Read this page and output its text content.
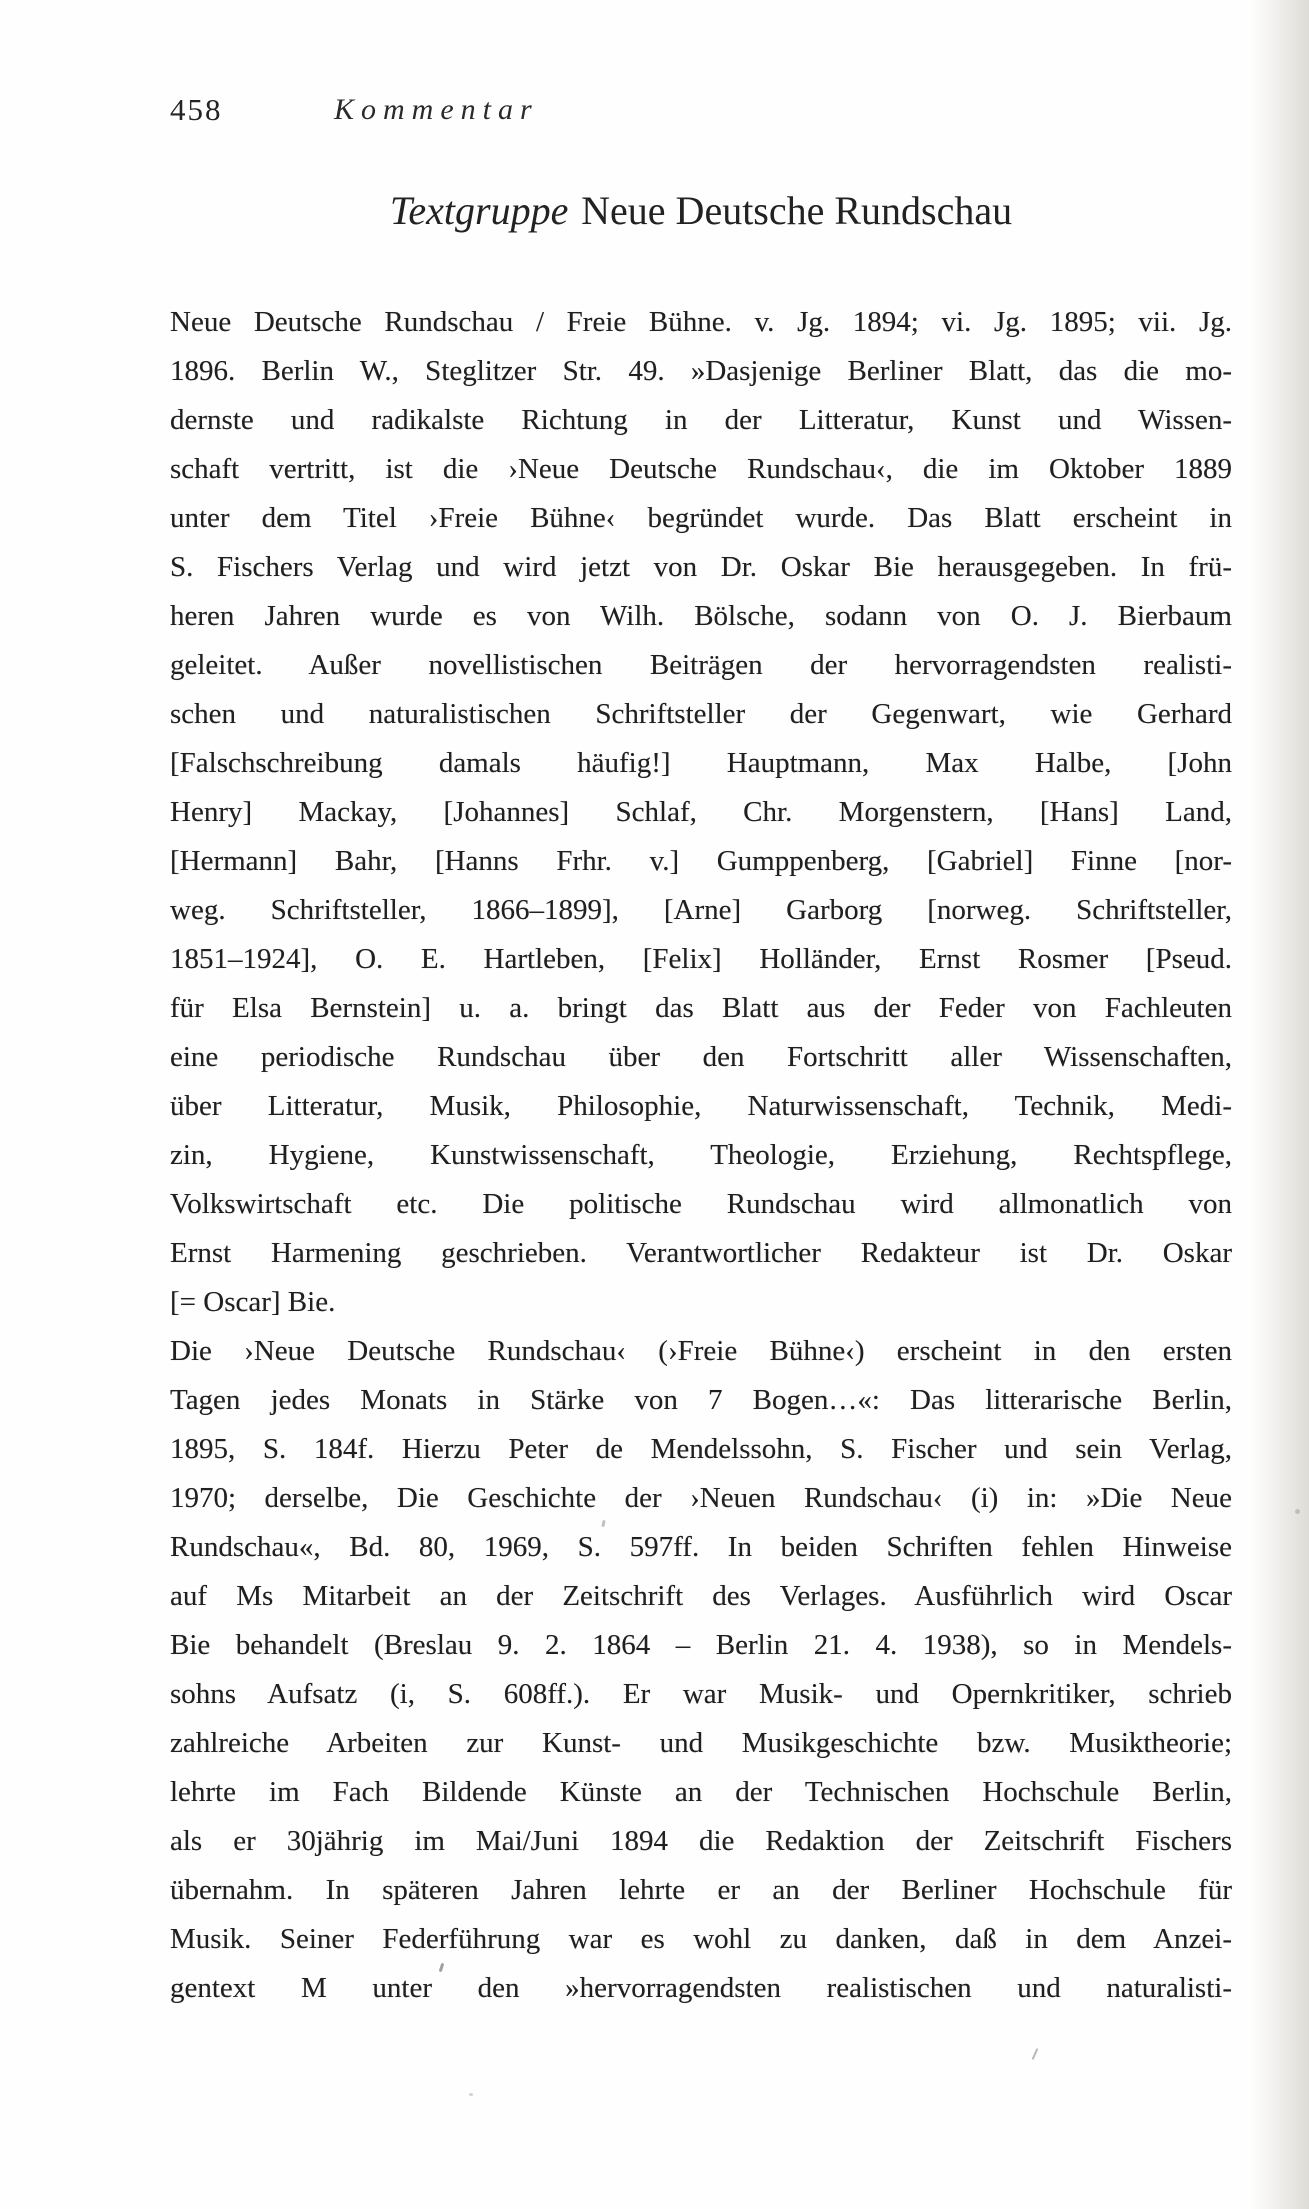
458	Kommentar
Textgruppe Neue Deutsche Rundschau
Neue Deutsche Rundschau / Freie Bühne. v. Jg. 1894; vi. Jg. 1895; vii. Jg.
1896. Berlin W., Steglitzer Str. 49. »Dasjenige Berliner Blatt, das die mo-
dernste und radikalste Richtung in der Litteratur, Kunst und Wissen-
schaft vertritt, ist die ›Neue Deutsche Rundschau‹, die im Oktober 1889
unter dem Titel ›Freie Bühne‹ begründet wurde. Das Blatt erscheint in
S. Fischers Verlag und wird jetzt von Dr. Oskar Bie herausgegeben. In frü-
heren Jahren wurde es von Wilh. Bölsche, sodann von O. J. Bierbaum
geleitet. Außer novellistischen Beiträgen der hervorragendsten realisti-
schen und naturalistischen Schriftsteller der Gegenwart, wie Gerhard
[Falschschreibung damals häufig!] Hauptmann, Max Halbe, [John
Henry] Mackay, [Johannes] Schlaf, Chr. Morgenstern, [Hans] Land,
[Hermann] Bahr, [Hanns Frhr. v.] Gumppenberg, [Gabriel] Finne [nor-
weg. Schriftsteller, 1866–1899], [Arne] Garborg [norweg. Schriftsteller,
1851–1924], O. E. Hartleben, [Felix] Holländer, Ernst Rosmer [Pseud.
für Elsa Bernstein] u. a. bringt das Blatt aus der Feder von Fachleuten
eine periodische Rundschau über den Fortschritt aller Wissenschaften,
über Litteratur, Musik, Philosophie, Naturwissenschaft, Technik, Medi-
zin, Hygiene, Kunstwissenschaft, Theologie, Erziehung, Rechtspflege,
Volkswirtschaft etc. Die politische Rundschau wird allmonatlich von
Ernst Harmening geschrieben. Verantwortlicher Redakteur ist Dr. Oskar
[= Oscar] Bie.
Die ›Neue Deutsche Rundschau‹ (›Freie Bühne‹) erscheint in den ersten
Tagen jedes Monats in Stärke von 7 Bogen…«: Das litterarische Berlin,
1895, S. 184f. Hierzu Peter de Mendelssohn, S. Fischer und sein Verlag,
1970; derselbe, Die Geschichte der ›Neuen Rundschau‹ (i) in: »Die Neue
Rundschau«, Bd. 80, 1969, S. 597ff. In beiden Schriften fehlen Hinweise
auf Ms Mitarbeit an der Zeitschrift des Verlages. Ausführlich wird Oscar
Bie behandelt (Breslau 9. 2. 1864 – Berlin 21. 4. 1938), so in Mendels-
sohns Aufsatz (i, S. 608ff.). Er war Musik- und Opernkritiker, schrieb
zahlreiche Arbeiten zur Kunst- und Musikgeschichte bzw. Musiktheorie;
lehrte im Fach Bildende Künste an der Technischen Hochschule Berlin,
als er 30jährig im Mai/Juni 1894 die Redaktion der Zeitschrift Fischers
übernahm. In späteren Jahren lehrte er an der Berliner Hochschule für
Musik. Seiner Federführung war es wohl zu danken, daß in dem Anzei-
gentext M unter den »hervorragendsten realistischen und naturalisti-
